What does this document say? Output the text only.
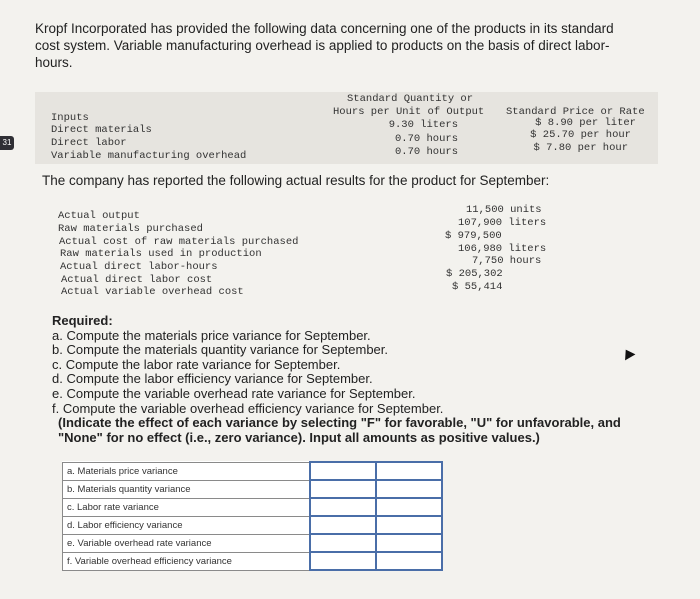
Kropf Incorporated has provided the following data concerning one of the products in its standard cost system. Variable manufacturing overhead is applied to products on the basis of direct labor-hours.
31
Standard Quantity or
Hours per Unit of Output Standard Price or Rate
Inputs
Direct materials	9.30 liters	$ 8.90 per liter
Direct labor	0.70 hours	$ 25.70 per hour
Variable manufacturing overhead	0.70 hours	$ 7.80 per hour
The company has reported the following actual results for the product for September:
Actual output	11,500 units
Raw materials purchased	107,900 liters
Actual cost of raw materials purchased	$ 979,500
Raw materials used in production	106,980 liters
Actual direct labor-hours	7,750 hours
Actual direct labor cost	$ 205,302
Actual variable overhead cost	$ 55,414
Required:
a. Compute the materials price variance for September.
b. Compute the materials quantity variance for September.
c. Compute the labor rate variance for September.
d. Compute the labor efficiency variance for September.
e. Compute the variable overhead rate variance for September.
f. Compute the variable overhead efficiency variance for September.
(Indicate the effect of each variance by selecting "F" for favorable, "U" for unfavorable, and "None" for no effect (i.e., zero variance). Input all amounts as positive values.)
a. Materials price variance		
b. Materials quantity variance		
c. Labor rate variance		
d. Labor efficiency variance		
e. Variable overhead rate variance		
f. Variable overhead efficiency variance		
